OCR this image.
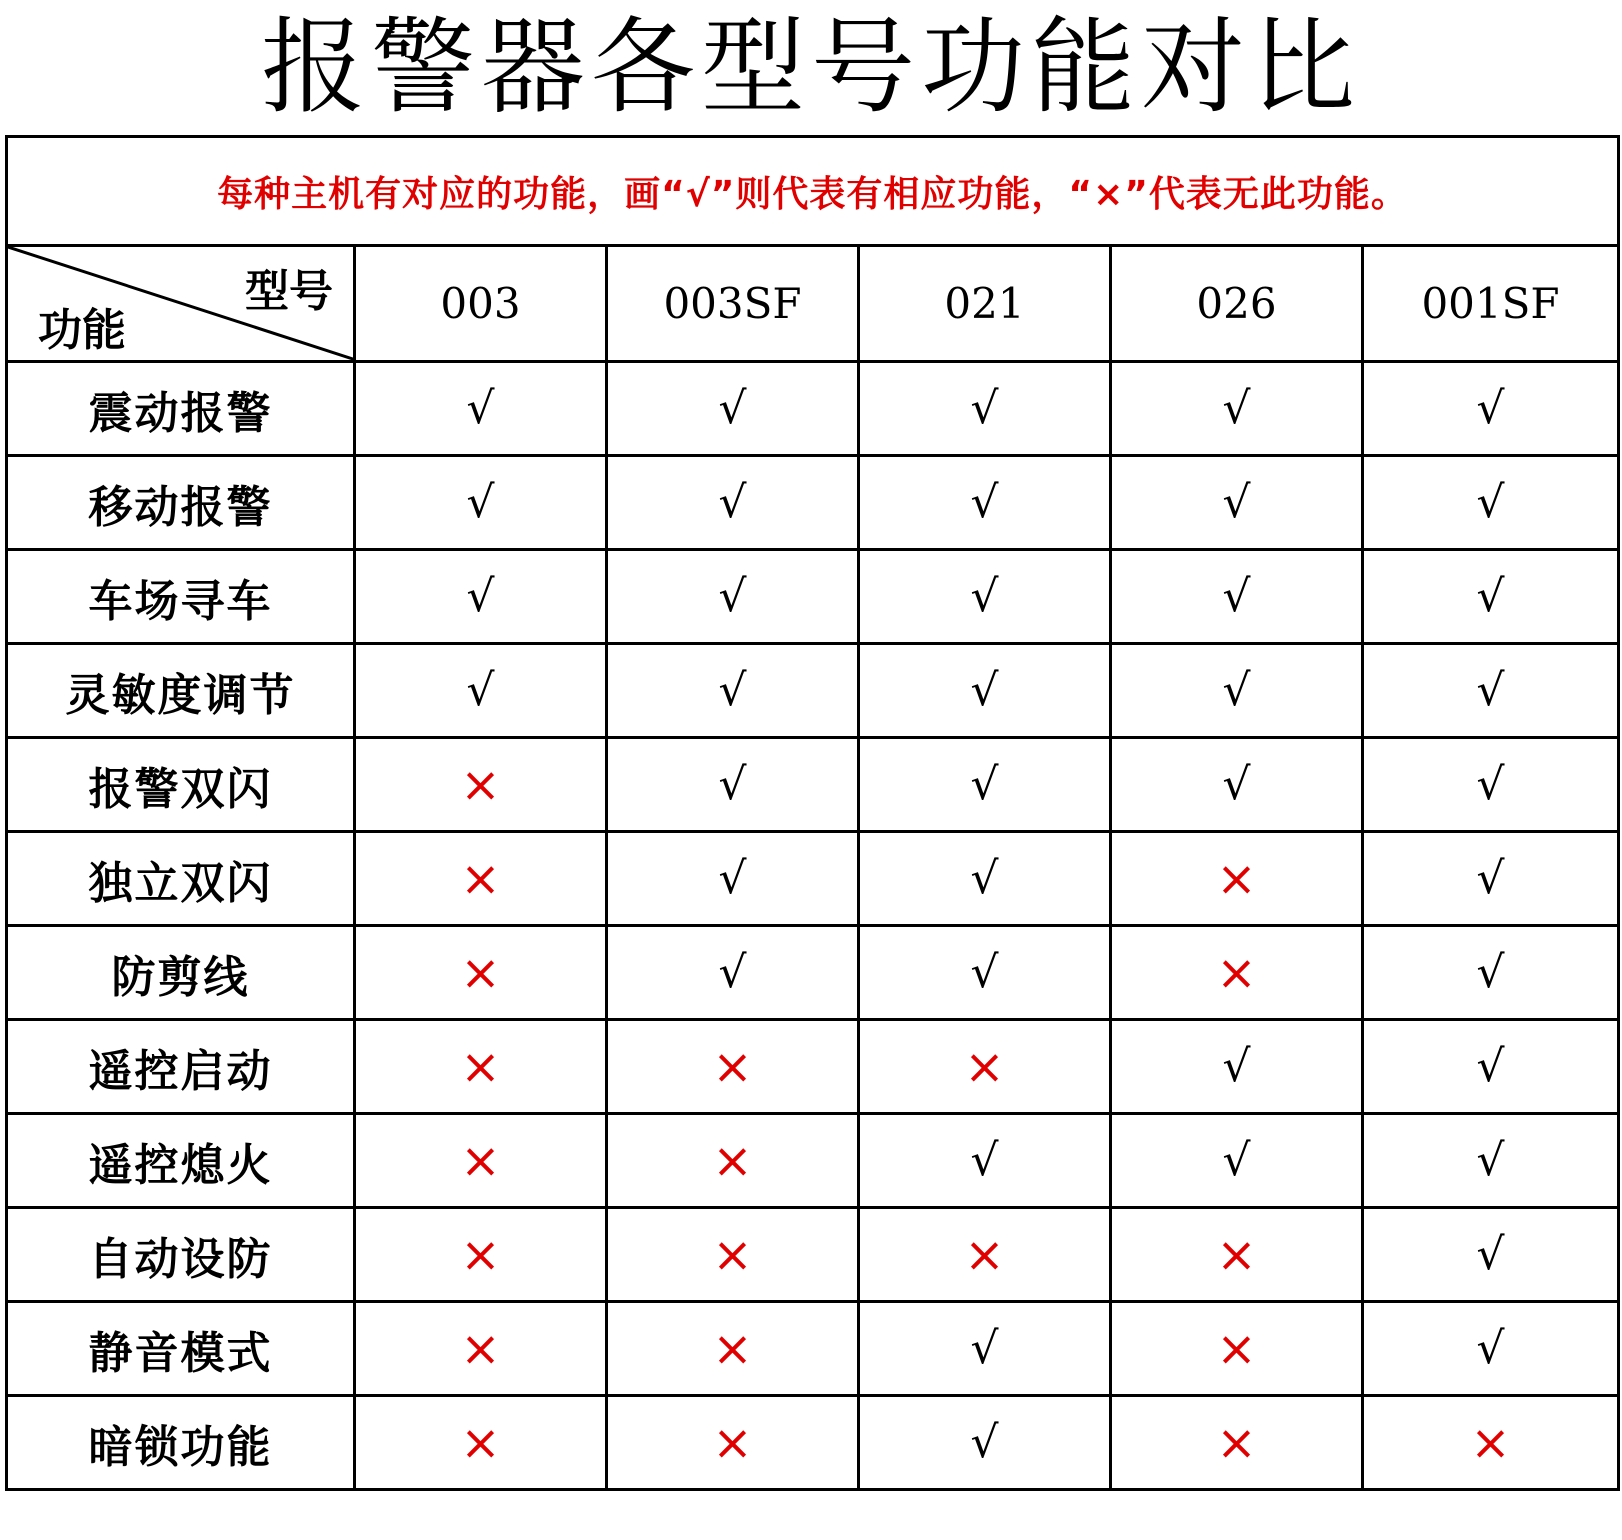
报警器各型号功能对比
每种主机有对应的功能，画“√”则代表有相应功能，“×”代表无此功能。					

型号
功能	003	003SF	021	026	001SF
震动报警	√	√	√	√	√
移动报警	√	√	√	√	√
车场寻车	√	√	√	√	√
灵敏度调节	√	√	√	√	√
报警双闪	×	√	√	√	√
独立双闪	×	√	√	×	√
防剪线	×	√	√	×	√
遥控启动	×	×	×	√	√
遥控熄火	×	×	√	√	√
自动设防	×	×	×	×	√
静音模式	×	×	√	×	√
暗锁功能	×	×	√	×	×
